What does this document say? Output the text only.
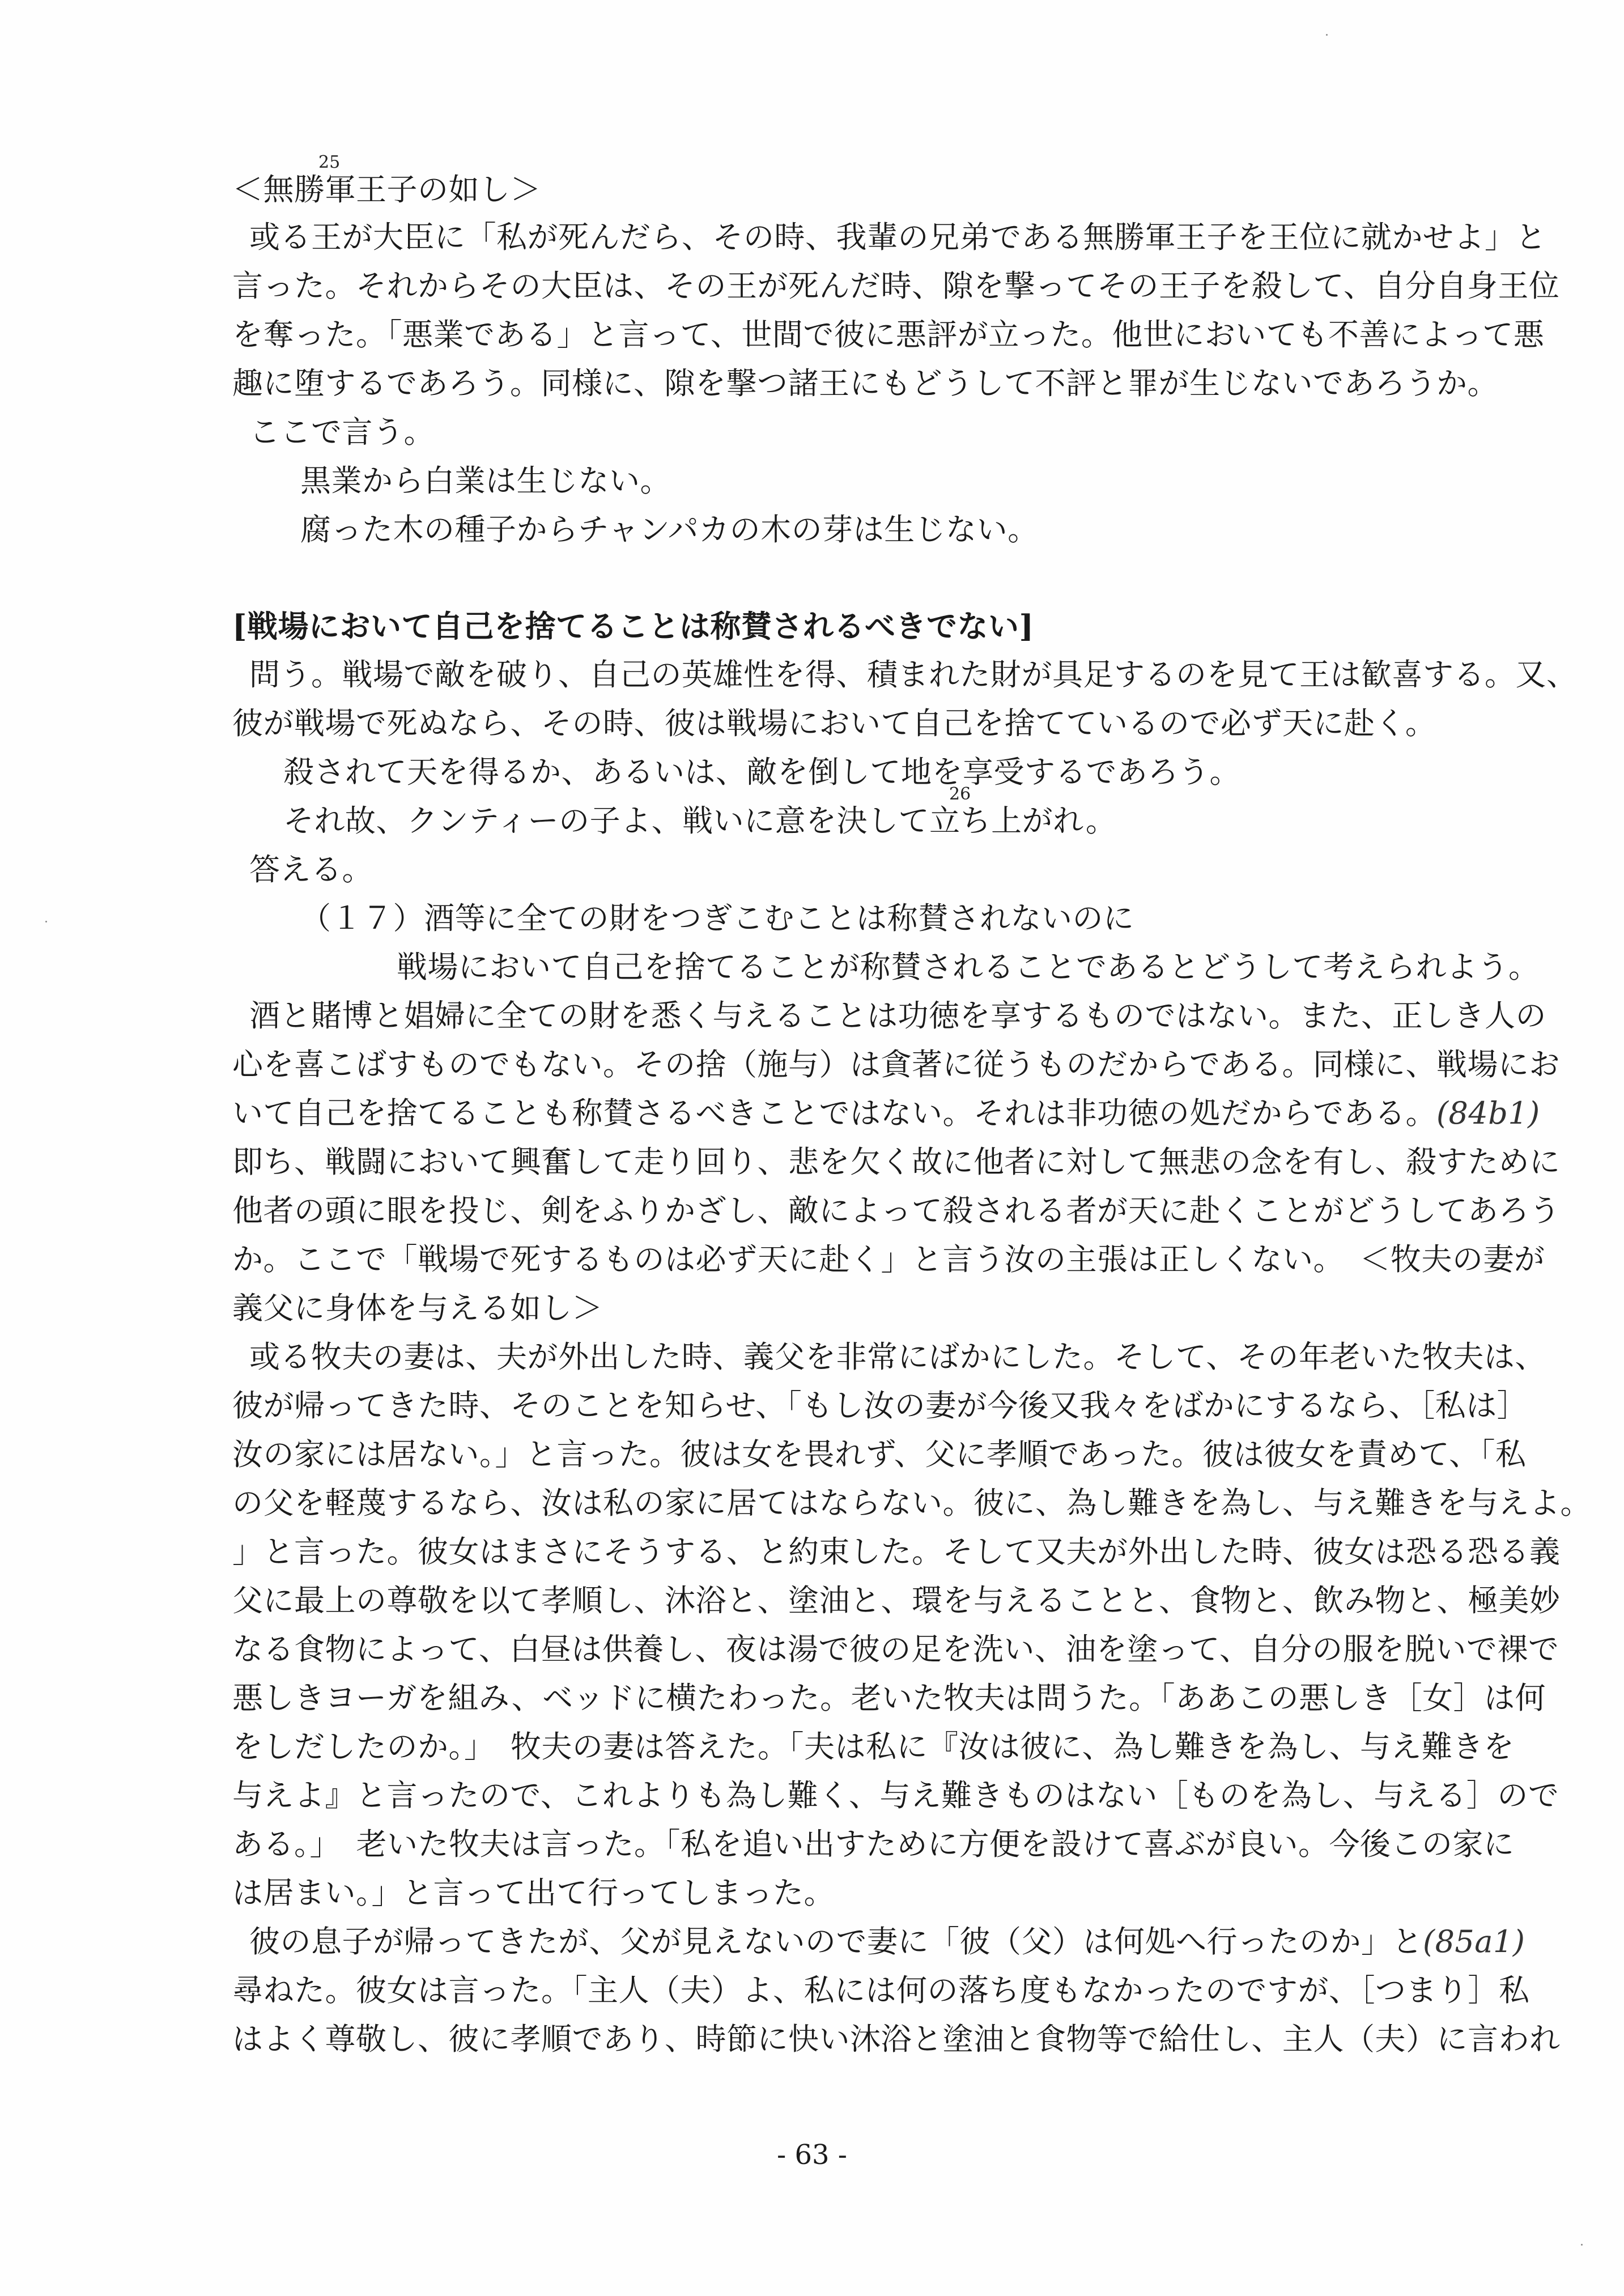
25

＜無勝軍王子の如し＞

或る王が大臣に「私が死んだら、その時、我輩の兄弟である無勝軍王子を王位に就かせよ」と

言った。それからその大臣は、その王が死んだ時、隙を撃ってその王子を殺して、自分自身王位

を奪った。「悪業である」と言って、世間で彼に悪評が立った。他世においても不善によって悪

趣に堕するであろう。同様に、隙を撃つ諸王にもどうして不評と罪が生じないであろうか。

ここで言う。

黒業から白業は生じない。

腐った木の種子からチャンパカの木の芽は生じない。

[戦場において自己を捨てることは称賛されるべきでない]

問う。戦場で敵を破り、自己の英雄性を得、積まれた財が具足するのを見て王は歓喜する。又、

彼が戦場で死ぬなら、その時、彼は戦場において自己を捨てているので必ず天に赴く。

殺されて天を得るか、あるいは、敵を倒して地を享受するであろう。

26

それ故、クンティーの子よ、戦いに意を決して立ち上がれ。

答える。

（１７）酒等に全ての財をつぎこむことは称賛されないのに

戦場において自己を捨てることが称賛されることであるとどうして考えられよう。

酒と賭博と娼婦に全ての財を悉く与えることは功徳を享するものではない。また、正しき人の

心を喜こばすものでもない。その捨（施与）は貪著に従うものだからである。同様に、戦場にお

いて自己を捨てることも称賛さるべきことではない。それは非功徳の処だからである。(84b1)

即ち、戦闘において興奮して走り回り、悲を欠く故に他者に対して無悲の念を有し、殺すために

他者の頭に眼を投じ、剣をふりかざし、敵によって殺される者が天に赴くことがどうしてあろう

か。ここで「戦場で死するものは必ず天に赴く」と言う汝の主張は正しくない。　＜牧夫の妻が

義父に身体を与える如し＞

或る牧夫の妻は、夫が外出した時、義父を非常にばかにした。そして、その年老いた牧夫は、

彼が帰ってきた時、そのことを知らせ、「もし汝の妻が今後又我々をばかにするなら、［私は］

汝の家には居ない。」と言った。彼は女を畏れず、父に孝順であった。彼は彼女を責めて、「私

の父を軽蔑するなら、汝は私の家に居てはならない。彼に、為し難きを為し、与え難きを与えよ。

」と言った。彼女はまさにそうする、と約束した。そして又夫が外出した時、彼女は恐る恐る義

父に最上の尊敬を以て孝順し、沐浴と、塗油と、環を与えることと、食物と、飲み物と、極美妙

なる食物によって、白昼は供養し、夜は湯で彼の足を洗い、油を塗って、自分の服を脱いで裸で

悪しきヨーガを組み、ベッドに横たわった。老いた牧夫は問うた。「ああこの悪しき［女］は何

をしだしたのか。」　牧夫の妻は答えた。「夫は私に『汝は彼に、為し難きを為し、与え難きを

与えよ』と言ったので、これよりも為し難く、与え難きものはない［ものを為し、与える］ので

ある。」　老いた牧夫は言った。「私を追い出すために方便を設けて喜ぶが良い。今後この家に

は居まい。」と言って出て行ってしまった。

彼の息子が帰ってきたが、父が見えないので妻に「彼（父）は何処へ行ったのか」と(85a1)

尋ねた。彼女は言った。「主人（夫）よ、私には何の落ち度もなかったのですが、［つまり］私

はよく尊敬し、彼に孝順であり、時節に快い沐浴と塗油と食物等で給仕し、主人（夫）に言われ

- 63 -
